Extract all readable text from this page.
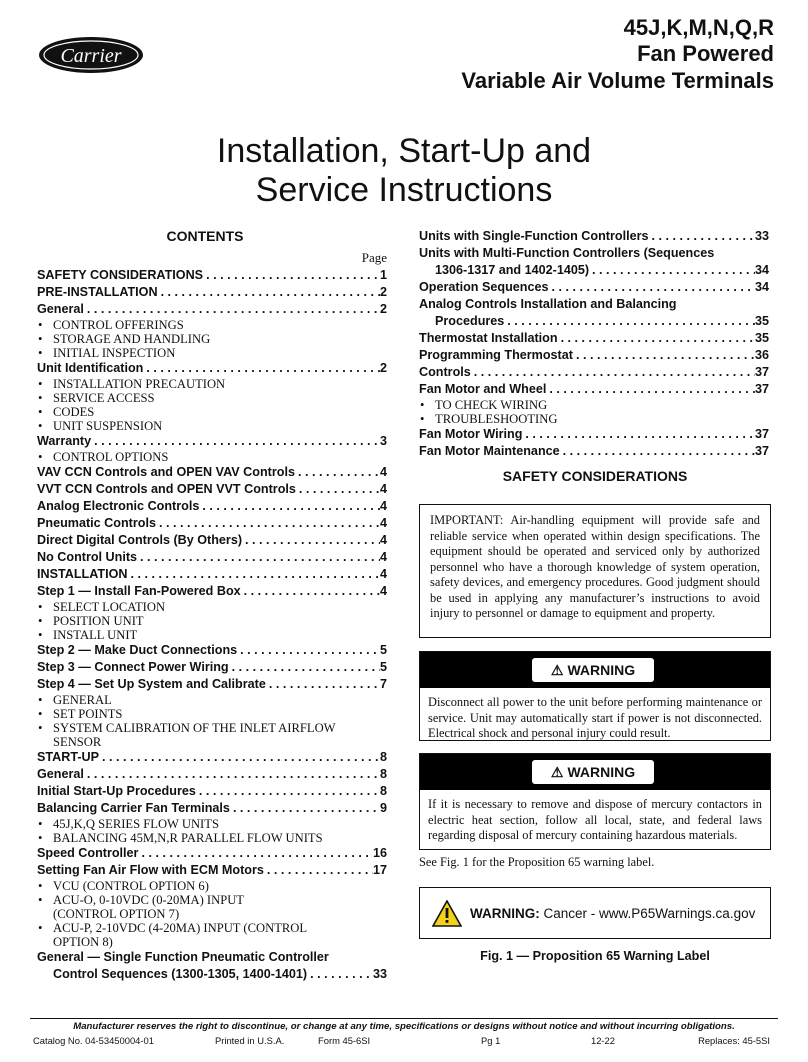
Carrier
45J,K,M,N,Q,R
Fan Powered
Variable Air Volume Terminals
Installation, Start-Up and
Service Instructions
CONTENTS
Page
SAFETY CONSIDERATIONS . . .	1
PRE-INSTALLATION . . .	2
General . . .	2
• CONTROL OFFERINGS
• STORAGE AND HANDLING
• INITIAL INSPECTION
Unit Identification . . .	2
• INSTALLATION PRECAUTION
• SERVICE ACCESS
• CODES
• UNIT SUSPENSION
Warranty . . .	3
• CONTROL OPTIONS
VAV CCN Controls and OPEN VAV Controls . . .	4
VVT CCN Controls and OPEN VVT Controls . . .	4
Analog Electronic Controls . . .	4
Pneumatic Controls . . .	4
Direct Digital Controls (By Others) . . .	4
No Control Units . . .	4
INSTALLATION . . .	4
Step 1 — Install Fan-Powered Box . . .	4
• SELECT LOCATION
• POSITION UNIT
• INSTALL UNIT
Step 2 — Make Duct Connections . . .	5
Step 3 — Connect Power Wiring . . .	5
Step 4 — Set Up System and Calibrate . . .	7
• GENERAL
• SET POINTS
• SYSTEM CALIBRATION OF THE INLET AIRFLOW
SENSOR
START-UP . . .	8
General . . .	8
Initial Start-Up Procedures . . .	8
Balancing Carrier Fan Terminals . . .	9
• 45J,K,Q SERIES FLOW UNITS
• BALANCING 45M,N,R PARALLEL FLOW UNITS
Speed Controller . . .	16
Setting Fan Air Flow with ECM Motors . . .	17
• VCU (CONTROL OPTION 6)
• ACU-O, 0-10VDC (0-20MA) INPUT
(CONTROL OPTION 7)
• ACU-P, 2-10VDC (4-20MA) INPUT (CONTROL
OPTION 8)
General — Single Function Pneumatic Controller
Control Sequences (1300-1305, 1400-1401) . . .	33
Units with Single-Function Controllers . . .	33
Units with Multi-Function Controllers (Sequences
1306-1317 and 1402-1405) . . .	34
Operation Sequences . . .	34
Analog Controls Installation and Balancing
Procedures . . .	35
Thermostat Installation . . .	35
Programming Thermostat . . .	36
Controls . . .	37
Fan Motor and Wheel . . .	37
• TO CHECK WIRING
• TROUBLESHOOTING
Fan Motor Wiring . . .	37
Fan Motor Maintenance . . .	37
SAFETY CONSIDERATIONS
IMPORTANT: Air-handling equipment will provide safe and reliable service when operated within design specifications. The equipment should be operated and serviced only by authorized personnel who have a thorough knowledge of system operation, safety devices, and emergency procedures. Good judgment should be used in applying any manufacturer’s instructions to avoid injury to personnel or damage to equipment and property.
⚠ WARNING
Disconnect all power to the unit before performing maintenance or service. Unit may automatically start if power is not disconnected. Electrical shock and personal injury could result.
⚠ WARNING
If it is necessary to remove and dispose of mercury contactors in electric heat section, follow all local, state, and federal laws regarding disposal of mercury containing hazardous materials.
See Fig. 1 for the Proposition 65 warning label.
WARNING: Cancer - www.P65Warnings.ca.gov
Fig. 1 — Proposition 65 Warning Label
Manufacturer reserves the right to discontinue, or change at any time, specifications or designs without notice and without incurring obligations.
Catalog No. 04-53450004-01	Printed in U.S.A.	Form 45-6SI	Pg 1	12-22	Replaces: 45-5SI
